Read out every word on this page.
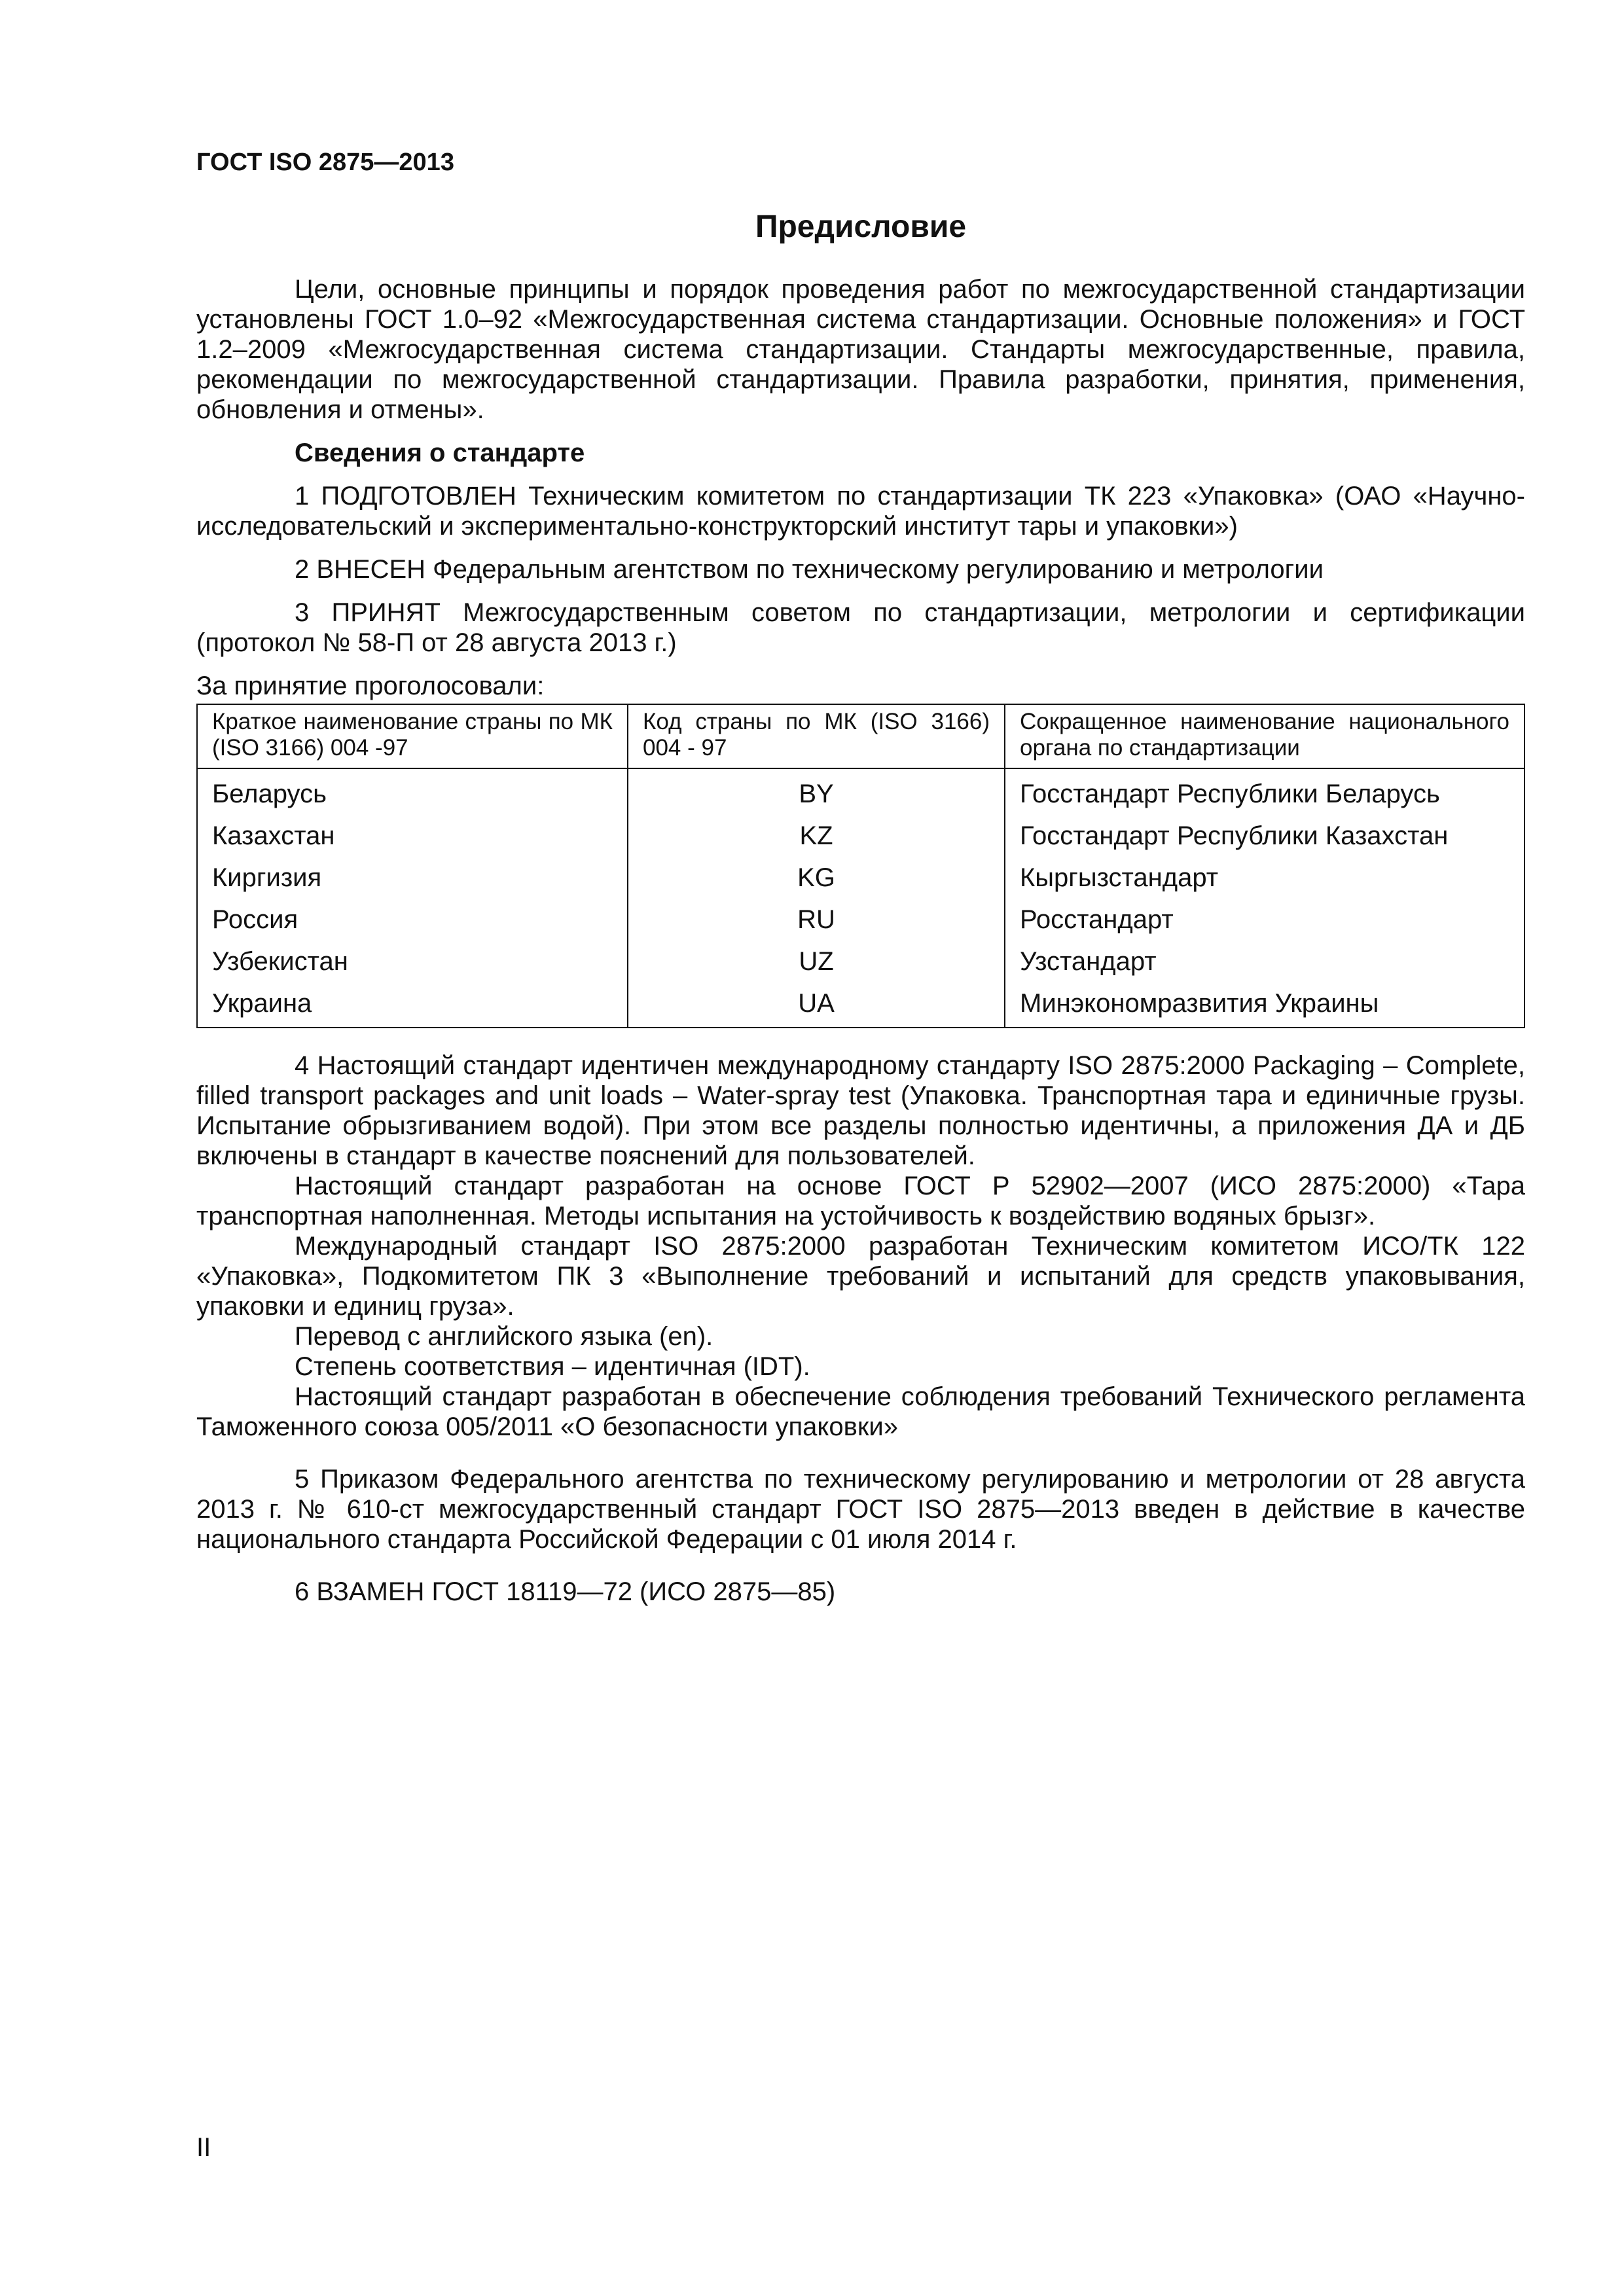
ГОСТ ISO 2875—2013
Предисловие

Цели, основные принципы и порядок проведения работ по межгосударственной стандартизации установлены ГОСТ 1.0–92 «Межгосударственная система стандартизации. Основные положения» и ГОСТ 1.2–2009 «Межгосударственная система стандартизации. Стандарты межгосударственные, правила, рекомендации по межгосударственной стандартизации. Правила разработки, принятия, применения, обновления и отмены».

Сведения о стандарте

1 ПОДГОТОВЛЕН Техническим комитетом по стандартизации ТК 223 «Упаковка» (ОАО «Научно-исследовательский и экспериментально-конструкторский институт тары и упаковки»)

2 ВНЕСЕН Федеральным агентством по техническому регулированию и метрологии

3 ПРИНЯТ Межгосударственным советом по стандартизации, метрологии и сертификации (протокол № 58-П от 28 августа 2013 г.)

За принятие проголосовали:

Краткое наименование страны по МК (ISO 3166) 004 -97	Код страны по МК (ISO 3166) 004 - 97	Сокращенное наименование национального органа по стандартизации
Беларусь	BY	Госстандарт Республики Беларусь
Казахстан	KZ	Госстандарт Республики Казахстан
Киргизия	KG	Кыргызстандарт
Россия	RU	Росстандарт
Узбекистан	UZ	Узстандарт
Украина	UA	Минэкономразвития Украины

4 Настоящий стандарт идентичен международному стандарту ISO 2875:2000 Packaging – Complete, filled transport packages and unit loads – Water-spray test (Упаковка. Транспортная тара и единичные грузы. Испытание обрызгиванием водой). При этом все разделы полностью идентичны, а приложения ДА и ДБ включены в стандарт в качестве пояснений для пользователей.

Настоящий стандарт разработан на основе ГОСТ Р 52902—2007 (ИСО 2875:2000) «Тара транспортная наполненная. Методы испытания на устойчивость к воздействию водяных брызг».

Международный стандарт ISO 2875:2000 разработан Техническим комитетом ИСО/ТК 122 «Упаковка», Подкомитетом ПК 3 «Выполнение требований и испытаний для средств упаковывания, упаковки и единиц груза».

Перевод с английского языка (en).

Степень соответствия – идентичная (IDT).

Настоящий стандарт разработан в обеспечение соблюдения требований Технического регламента Таможенного союза 005/2011 «О безопасности упаковки»

5 Приказом Федерального агентства по техническому регулированию и метрологии от 28 августа 2013 г. № 610-ст межгосударственный стандарт ГОСТ ISO 2875—2013 введен в действие в качестве национального стандарта Российской Федерации с 01 июля 2014 г.

6 ВЗАМЕН ГОСТ 18119—72 (ИСО 2875—85)

II
